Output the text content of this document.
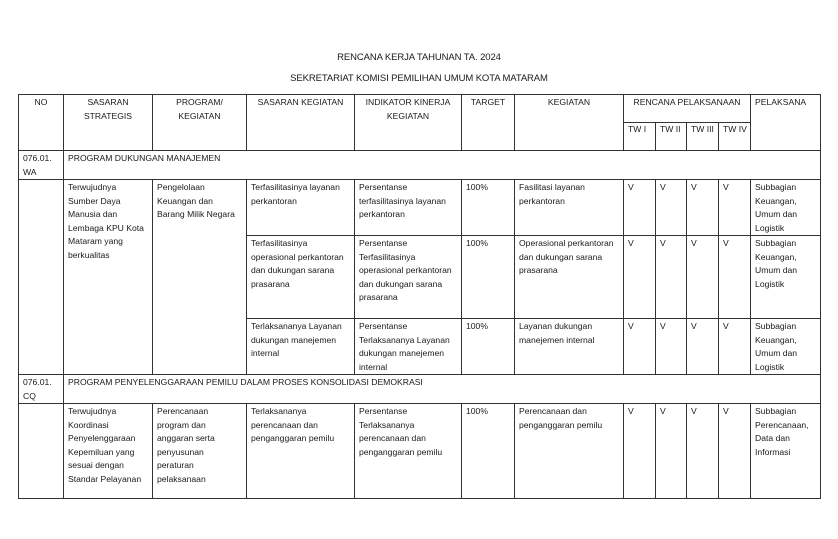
RENCANA KERJA TAHUNAN TA. 2024
SEKRETARIAT KOMISI PEMILIHAN UMUM KOTA MATARAM
NO	SASARAN STRATEGIS	PROGRAM/ KEGIATAN	SASARAN KEGIATAN	INDIKATOR KINERJA KEGIATAN	TARGET	KEGIATAN	RENCANA PELAKSANAAN				PELAKSANA
							TW I	TW II	TW III	TW IV	
076.01. WA	PROGRAM DUKUNGAN MANAJEMEN										
	Terwujudnya Sumber Daya Manusia dan Lembaga KPU Kota Mataram yang berkualitas	Pengelolaan Keuangan dan Barang Milik Negara	Terfasilitasinya layanan perkantoran	Persentanse terfasilitasinya layanan perkantoran	100%	Fasilitasi layanan perkantoran	V	V	V	V	Subbagian Keuangan, Umum dan Logistik
			Terfasilitasinya operasional perkantoran dan dukungan sarana prasarana	Persentanse Terfasilitasinya operasional perkantoran dan dukungan sarana prasarana	100%	Operasional perkantoran dan dukungan sarana prasarana	V	V	V	V	Subbagian Keuangan, Umum dan Logistik
			Terlaksananya Layanan dukungan manejemen internal	Persentanse Terlaksananya Layanan dukungan manejemen internal	100%	Layanan dukungan manejemen internal	V	V	V	V	Subbagian Keuangan, Umum dan Logistik
076.01. CQ	PROGRAM PENYELENGGARAAN PEMILU DALAM PROSES KONSOLIDASI DEMOKRASI										
	Terwujudnya Koordinasi Penyelenggaraan Kepemiluan yang sesuai dengan Standar Pelayanan	Perencanaan program dan anggaran serta penyusunan peraturan pelaksanaan	Terlaksananya perencanaan dan penganggaran pemilu	Persentanse Terlaksananya perencanaan dan penganggaran pemilu	100%	Perencanaan dan penganggaran pemilu	V	V	V	V	Subbagian Perencanaan, Data dan Informasi
